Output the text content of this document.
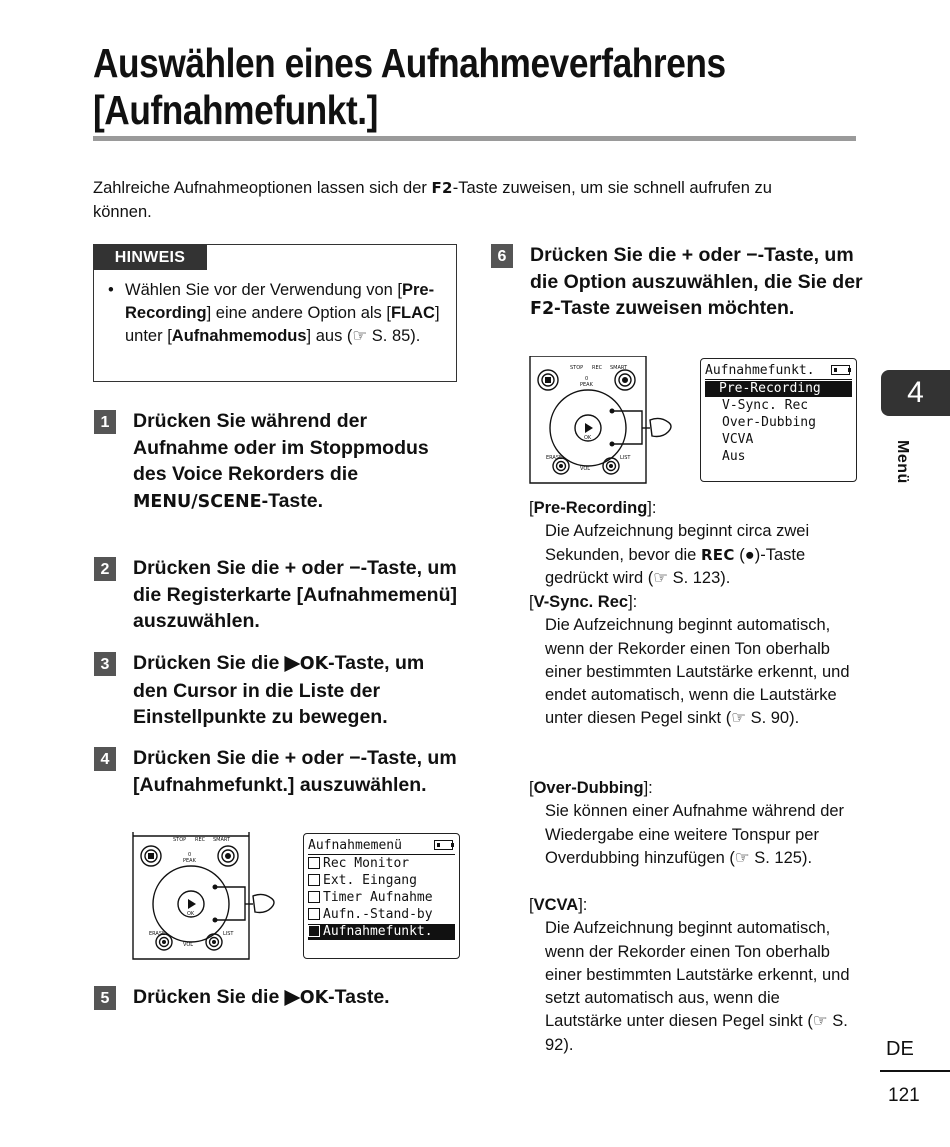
Auswählen eines Aufnahmeverfahrens
[Aufnahmefunkt.]
Zahlreiche Aufnahmeoptionen lassen sich der F2-Taste zuweisen, um sie schnell aufrufen zu können.
HINWEIS
• Wählen Sie vor der Verwendung von [Pre-Recording] eine andere Option als [FLAC] unter [Aufnahmemodus] aus (☞ S. 85).
1	Drücken Sie während der Aufnahme oder im Stoppmodus des Voice Rekorders die MENU/SCENE-Taste.
2	Drücken Sie die + oder −-Taste, um die Registerkarte [Aufnahmemenü] auszuwählen.
3	Drücken Sie die ▶OK-Taste, um den Cursor in die Liste der Einstellpunkte zu bewegen.
4	Drücken Sie die + oder −-Taste, um [Aufnahmefunkt.] auszuwählen.
STOP REC SMART
0
PEAK
OK
ERASE
VOL
LIST
Aufnahmemenü
Rec Monitor
Ext. Eingang
Timer Aufnahme
Aufn.-Stand-by
Aufnahmefunkt.
5	Drücken Sie die ▶OK-Taste.
6	Drücken Sie die + oder −-Taste, um die Option auszuwählen, die Sie der F2-Taste zuweisen möchten.
STOP REC SMART
0
PEAK
OK
ERASE
VOL
LIST
Aufnahmefunkt.
Pre-Recording
V-Sync. Rec
Over-Dubbing
VCVA
Aus
[Pre-Recording]:
Die Aufzeichnung beginnt circa zwei Sekunden, bevor die REC (●)-Taste gedrückt wird (☞ S. 123).
[V-Sync. Rec]:
Die Aufzeichnung beginnt automatisch, wenn der Rekorder einen Ton oberhalb einer bestimmten Lautstärke erkennt, und endet automatisch, wenn die Lautstärke unter diesen Pegel sinkt (☞ S. 90).
[Over-Dubbing]:
Sie können einer Aufnahme während der Wiedergabe eine weitere Tonspur per Overdubbing hinzufügen (☞ S. 125).
[VCVA]:
Die Aufzeichnung beginnt automatisch, wenn der Rekorder einen Ton oberhalb einer bestimmten Lautstärke erkennt, und setzt automatisch aus, wenn die Lautstärke unter diesen Pegel sinkt (☞ S. 92).
4
Menü
DE
121
